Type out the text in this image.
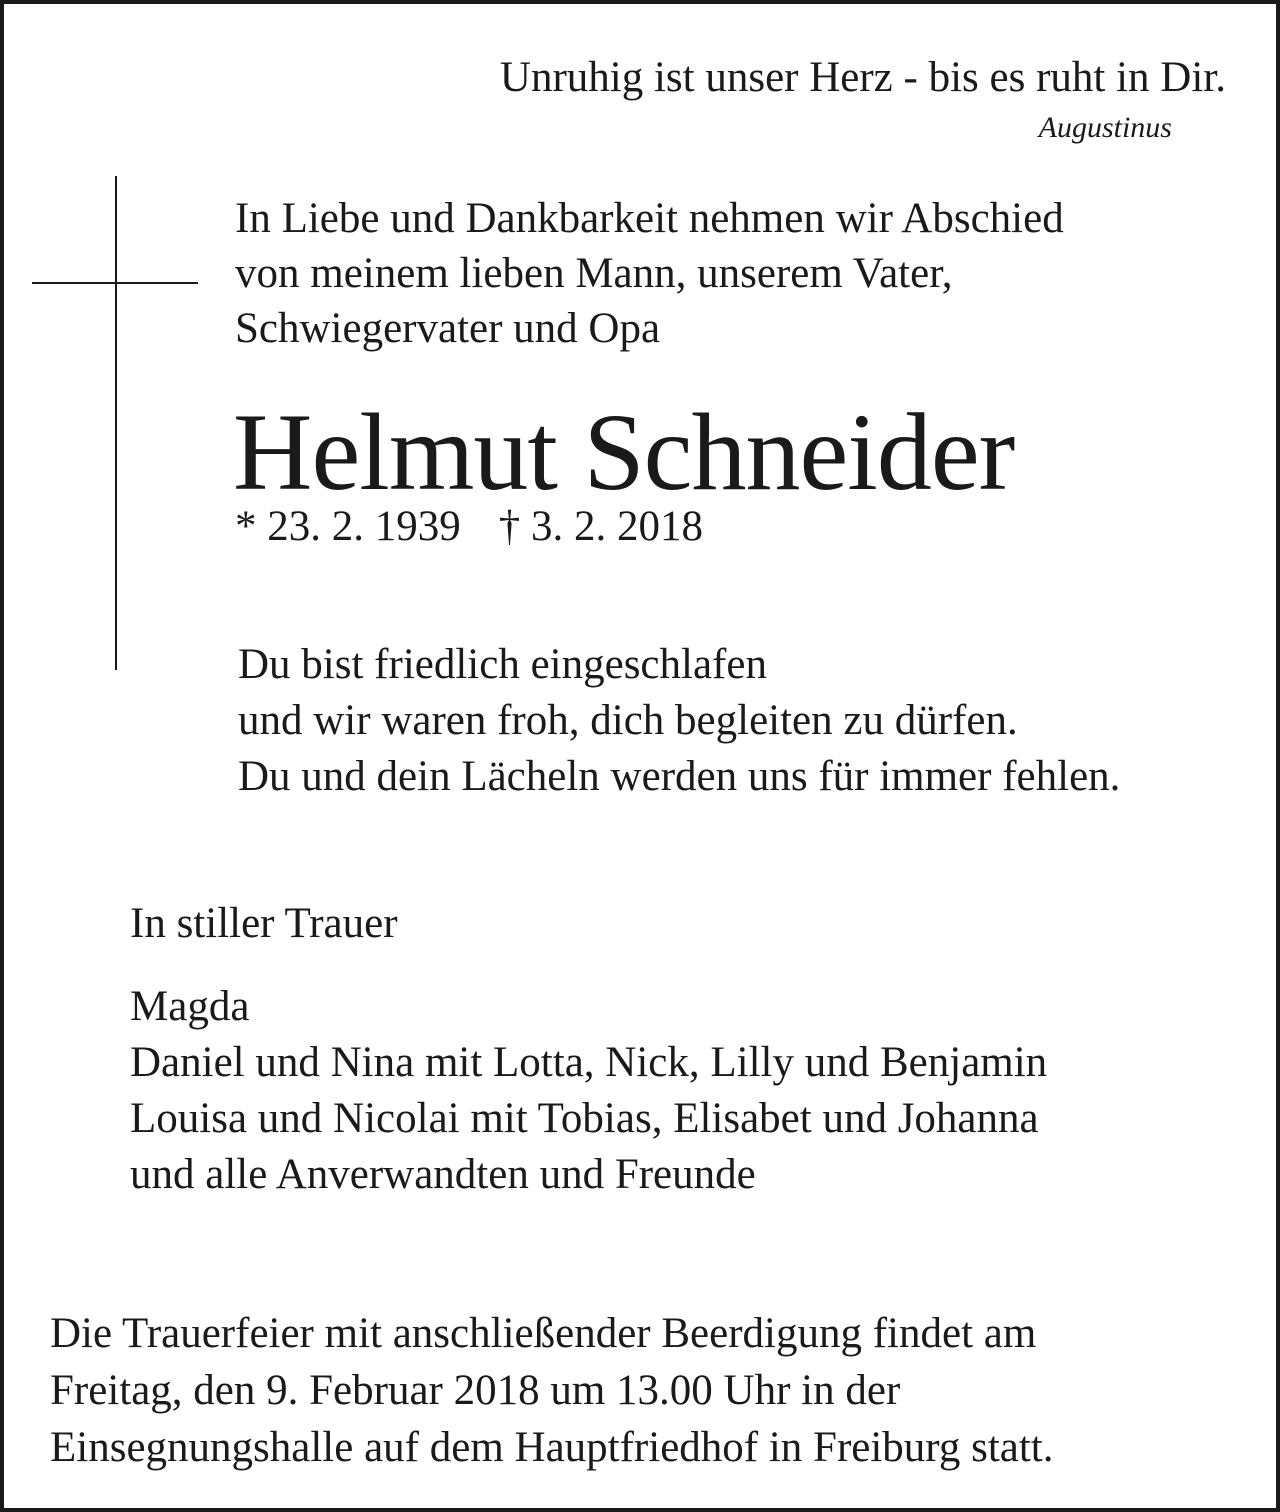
Unruhig ist unser Herz - bis es ruht in Dir.
Augustinus
In Liebe und Dankbarkeit nehmen wir Abschied
von meinem lieben Mann, unserem Vater,
Schwiegervater und Opa
Helmut Schneider
* 23. 2. 1939 † 3. 2. 2018
Du bist friedlich eingeschlafen
und wir waren froh, dich begleiten zu dürfen.
Du und dein Lächeln werden uns für immer fehlen.
In stiller Trauer
Magda
Daniel und Nina mit Lotta, Nick, Lilly und Benjamin
Louisa und Nicolai mit Tobias, Elisabet und Johanna
und alle Anverwandten und Freunde
Die Trauerfeier mit anschließender Beerdigung findet am
Freitag, den 9. Februar 2018 um 13.00 Uhr in der
Einsegnungshalle auf dem Hauptfriedhof in Freiburg statt.
